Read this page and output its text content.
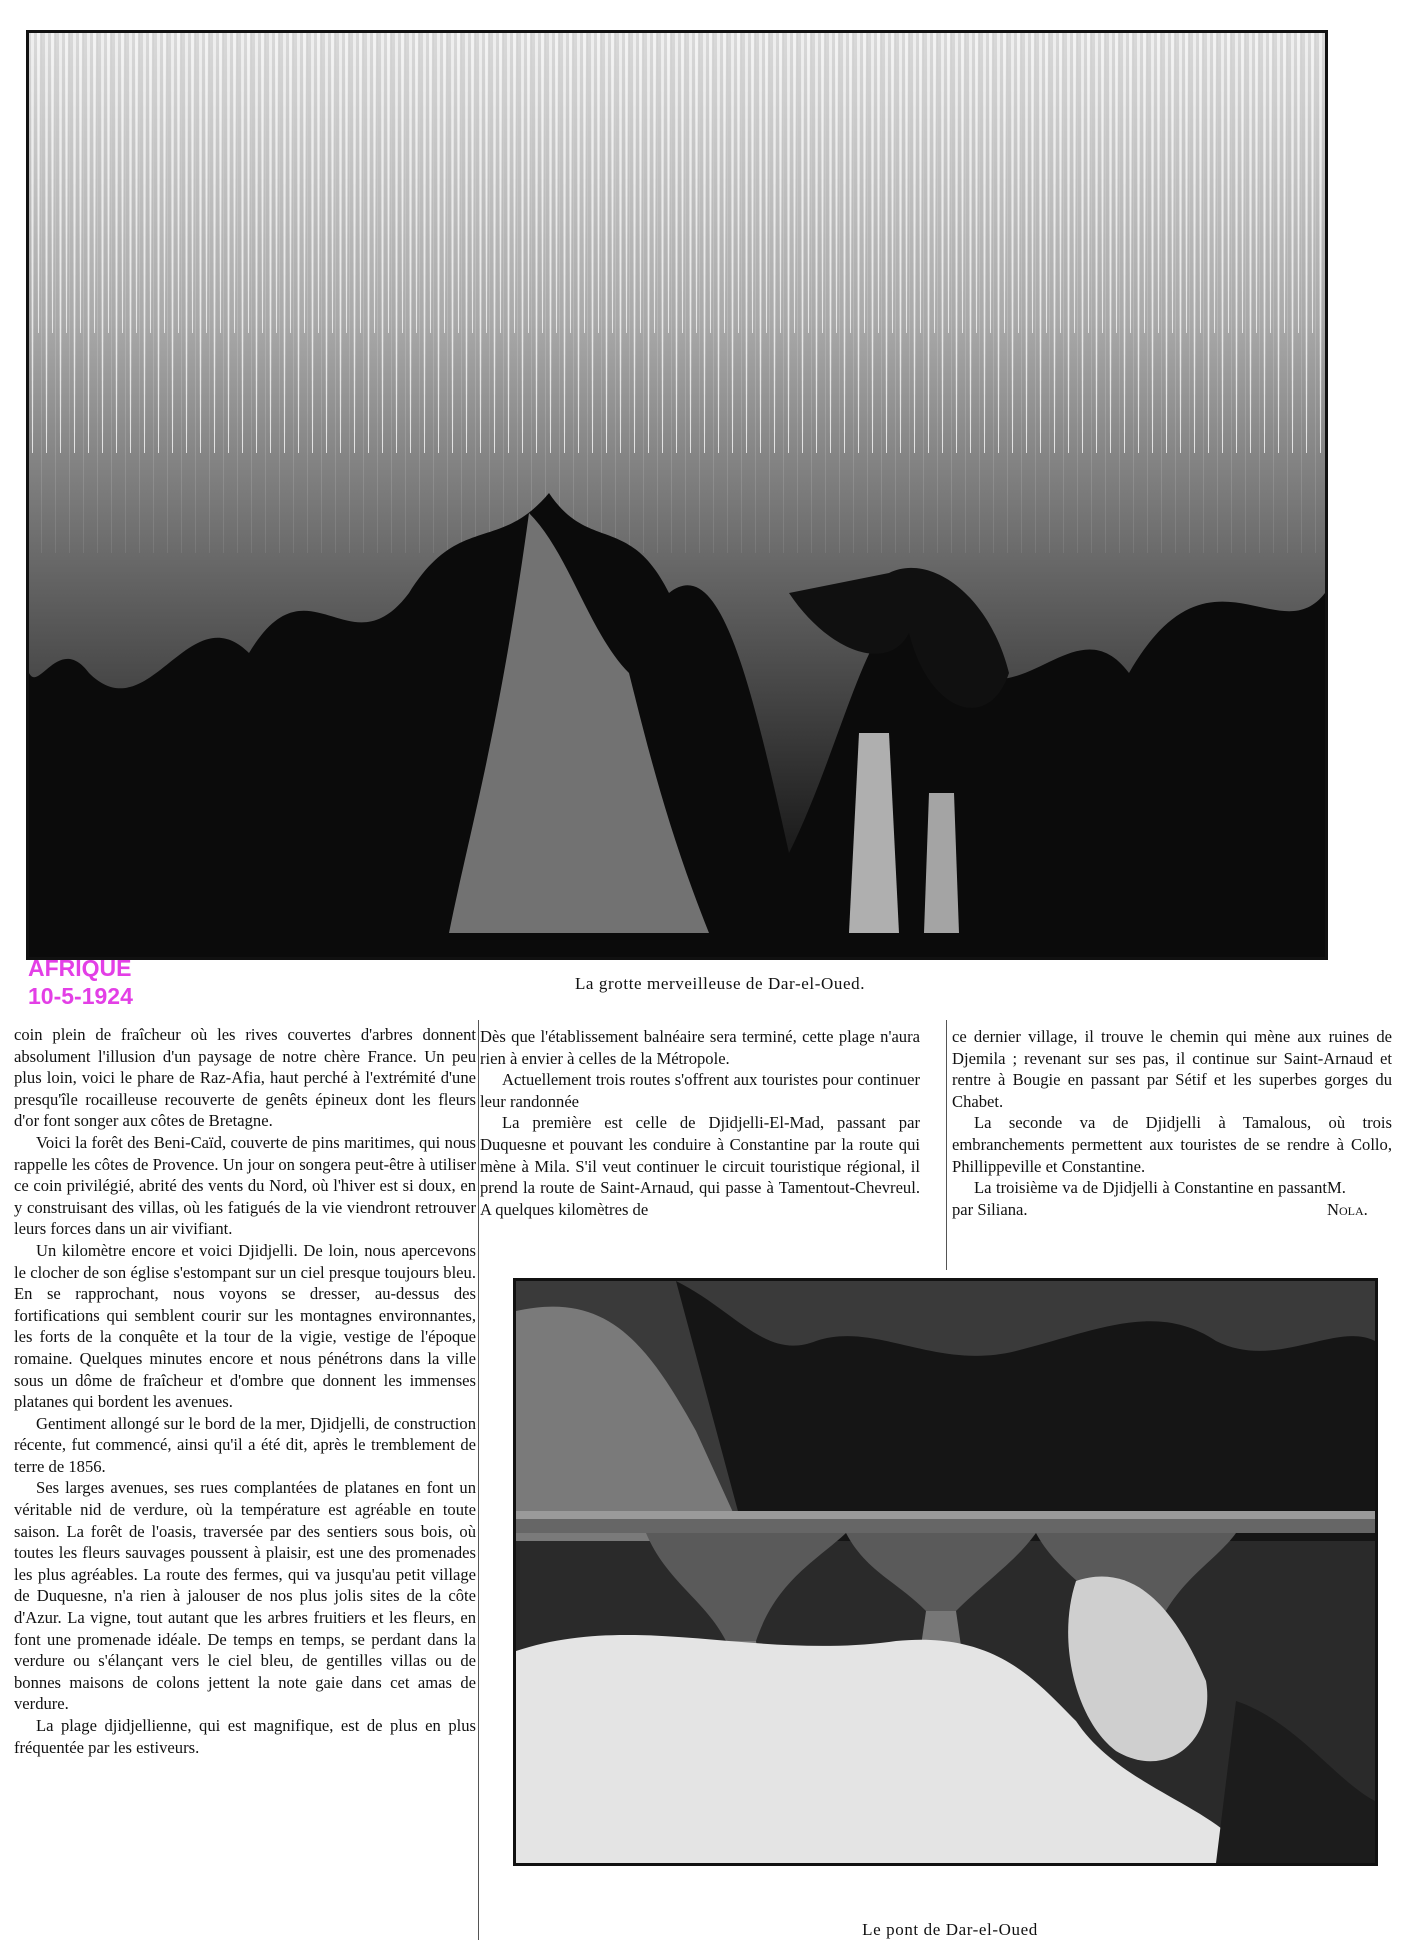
La grotte merveilleuse de Dar-el-Oued.
AFRIQUE
10-5-1924

coin plein de fraîcheur où les rives couvertes d'arbres donnent absolument l'illusion d'un paysage de notre chère France. Un peu plus loin, voici le phare de Raz-Afia, haut perché à l'extrémité d'une presqu'île rocailleuse recouverte de genêts épineux dont les fleurs d'or font songer aux côtes de Bretagne.

Voici la forêt des Beni-Caïd, couverte de pins maritimes, qui nous rappelle les côtes de Provence. Un jour on songera peut-être à utiliser ce coin privilégié, abrité des vents du Nord, où l'hiver est si doux, en y construisant des villas, où les fatigués de la vie viendront retrouver leurs forces dans un air vivifiant.

Un kilomètre encore et voici Djidjelli. De loin, nous apercevons le clocher de son église s'estompant sur un ciel presque toujours bleu. En se rapprochant, nous voyons se dresser, au-dessus des fortifications qui semblent courir sur les montagnes environnantes, les forts de la conquête et la tour de la vigie, vestige de l'époque romaine. Quelques minutes encore et nous pénétrons dans la ville sous un dôme de fraîcheur et d'ombre que donnent les immenses platanes qui bordent les avenues.

Gentiment allongé sur le bord de la mer, Djidjelli, de construction récente, fut commencé, ainsi qu'il a été dit, après le tremblement de terre de 1856.

Ses larges avenues, ses rues complantées de platanes en font un véritable nid de verdure, où la température est agréable en toute saison. La forêt de l'oasis, traversée par des sentiers sous bois, où toutes les fleurs sauvages poussent à plaisir, est une des promenades les plus agréables. La route des fermes, qui va jusqu'au petit village de Duquesne, n'a rien à jalouser de nos plus jolis sites de la côte d'Azur. La vigne, tout autant que les arbres fruitiers et les fleurs, en font une promenade idéale. De temps en temps, se perdant dans la verdure ou s'élançant vers le ciel bleu, de gentilles villas ou de bonnes maisons de colons jettent la note gaie dans cet amas de verdure.

La plage djidjellienne, qui est magnifique, est de plus en plus fréquentée par les estiveurs.

Dès que l'établissement balnéaire sera terminé, cette plage n'aura rien à envier à celles de la Métropole.

Actuellement trois routes s'offrent aux touristes pour continuer leur randonnée

La première est celle de Djidjelli-El-Mad, passant par Duquesne et pouvant les conduire à Constantine par la route qui mène à Mila. S'il veut continuer le circuit touristique régional, il prend la route de Saint-Arnaud, qui passe à Tamentout-Chevreul. A quelques kilomètres de

ce dernier village, il trouve le chemin qui mène aux ruines de Djemila ; revenant sur ses pas, il continue sur Saint-Arnaud et rentre à Bougie en passant par Sétif et les superbes gorges du Chabet.

La seconde va de Djidjelli à Tamalous, où trois embranchements permettent aux touristes de se rendre à Collo, Phillippeville et Constantine.

La troisième va de Djidjelli à Constantine en passant par Siliana.

M. Nola.
Le pont de Dar-el-Oued
